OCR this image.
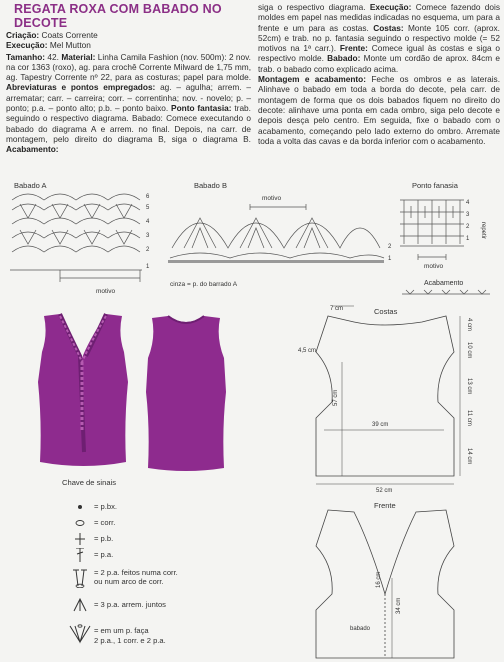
REGATA ROXA COM BABADO NO
DECOTE
Criação: Coats Corrente
Execução: Mel Mutton
Tamanho: 42. Material: Linha Camila Fashion (nov. 500m): 2 nov. na cor 1363 (roxo), ag. para crochê Corrente Milward de 1,75 mm, ag. Tapestry Corrente nº 22, para as costuras; papel para molde. Abreviaturas e pontos empregados: ag. – agulha; arrem. – arrematar; carr. – carreira; corr. – correntinha; nov. - novelo; p. – ponto; p.a. – ponto alto; p.b. – ponto baixo. Ponto fantasia: trab. seguindo o respectivo diagrama. Babado: Comece executando o babado do diagrama A e arrem. no final. Depois, na carr. de montagem, pelo direito do diagrama B, siga o diagrama B. Acabamento:
siga o respectivo diagrama. Execução: Comece fazendo dois moldes em papel nas medidas indicadas no esquema, um para a frente e um para as costas. Costas: Monte 105 corr. (aprox. 52cm) e trab. no p. fantasia seguindo o respectivo molde (= 52 motivos na 1ª carr.). Frente: Comece igual às costas e siga o respectivo molde. Babado: Monte um cordão de aprox. 84cm e trab. o babado como explicado acima.
Montagem e acabamento: Feche os ombros e as laterais. Alinhave o babado em toda a borda do decote, pela carr. de montagem de forma que os dois babados fiquem no direito do decote: alinhave uma ponta em cada ombro, siga pelo decote e depois desça pelo centro. Em seguida, fixe o babado com o acabamento, começando pelo lado externo do ombro. Arremate toda a volta das cavas e da borda inferior com o acabamento.
Babado A
6
5
4
3
2
1
motivo
Babado B
motivo
2
1
cinza = p. do barrado A
Ponto fanasia
4
3
2
1 repetir
motivo
Acabamento
Costas
7 cm
4,5 cm
57 cm
39 cm
52 cm
4 cm
10 cm
13 cm
11 cm
14 cm
Frente
16 cm
34 cm
babado
Chave de sinais
= p.bx.
= corr.
= p.b.
= p.a.
= 2 p.a. feitos numa corr.
ou num arco de corr.
= 3 p.a. arrem. juntos
= em um p. faça
2 p.a., 1 corr. e 2 p.a.
